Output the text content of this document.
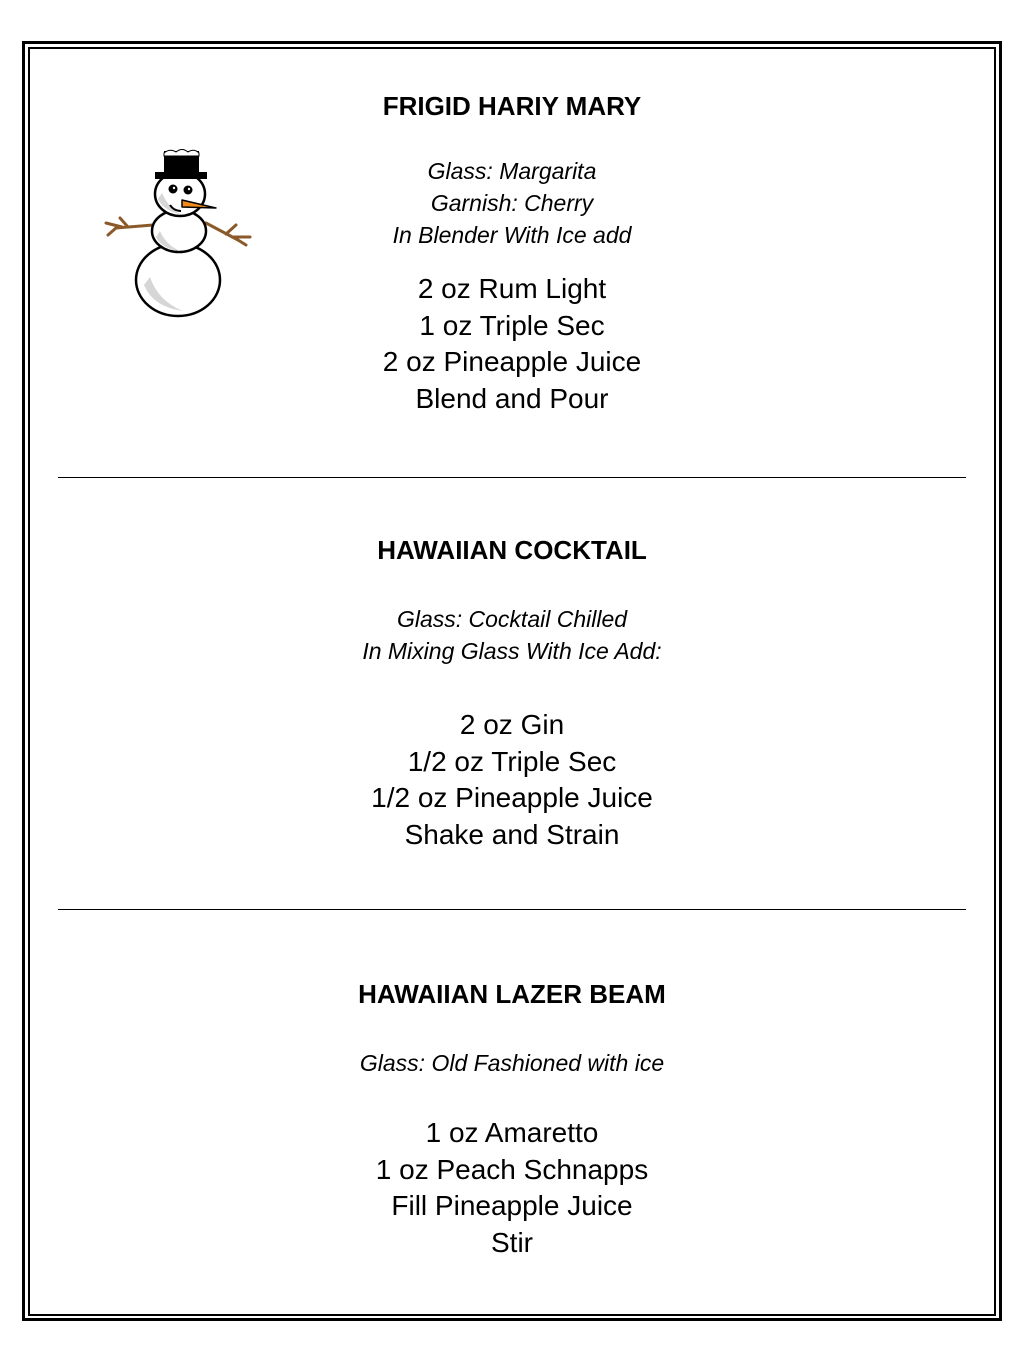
FRIGID HARIY MARY
Glass: Margarita
Garnish: Cherry
In Blender With Ice add
2 oz Rum Light
1 oz Triple Sec
2 oz Pineapple Juice
Blend and Pour
HAWAIIAN COCKTAIL
Glass: Cocktail Chilled
In Mixing Glass With Ice Add:
2 oz Gin
1/2 oz Triple Sec
1/2 oz Pineapple Juice
Shake and Strain
HAWAIIAN LAZER BEAM
Glass: Old Fashioned with ice
1 oz Amaretto
1 oz Peach Schnapps
Fill Pineapple Juice
Stir
